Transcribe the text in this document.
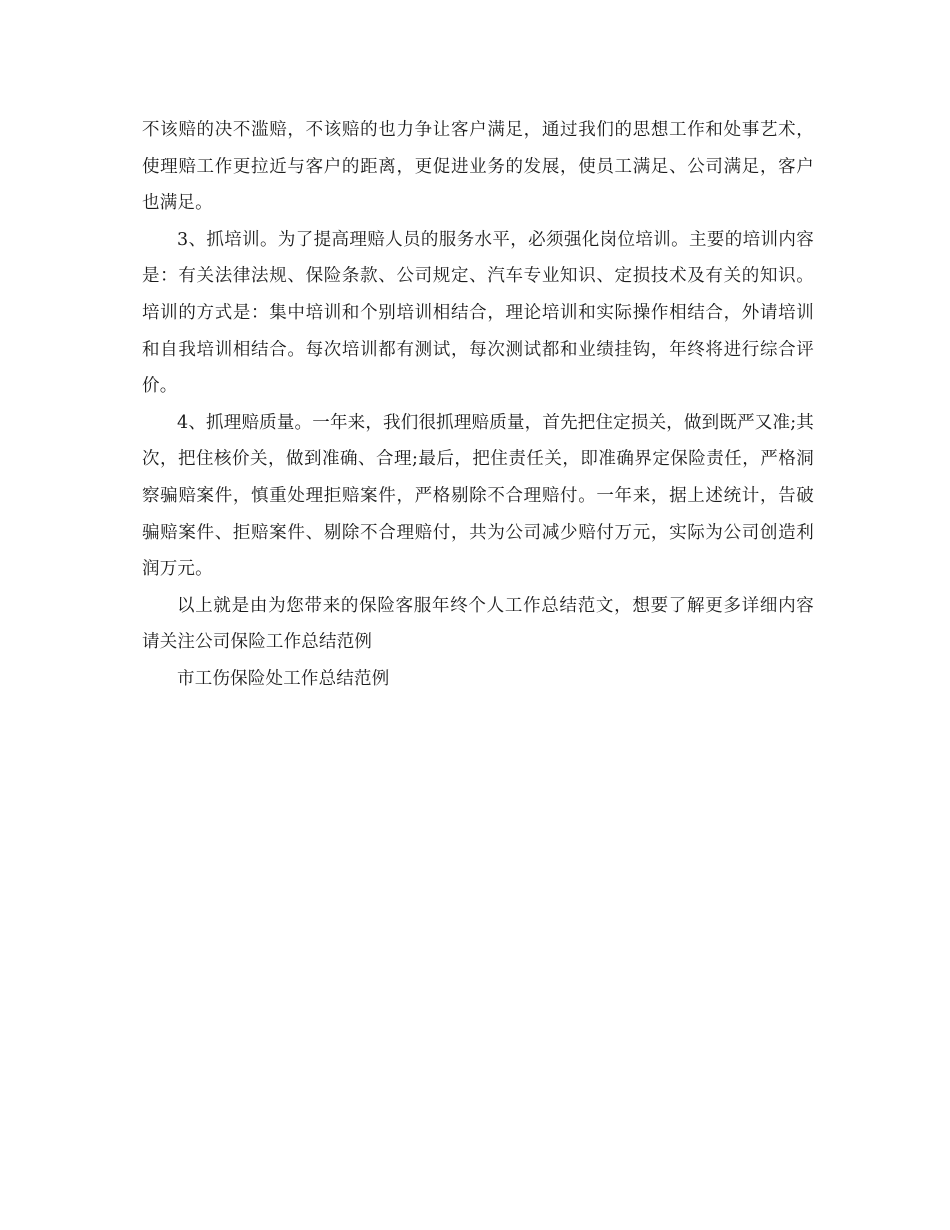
不该赔的决不滥赔，不该赔的也力争让客户满足，通过我们的思想工作和处事艺术，使理赔工作更拉近与客户的距离，更促进业务的发展，使员工满足、公司满足，客户也满足。

3、抓培训。为了提高理赔人员的服务水平，必须强化岗位培训。主要的培训内容是：有关法律法规、保险条款、公司规定、汽车专业知识、定损技术及有关的知识。培训的方式是：集中培训和个别培训相结合，理论培训和实际操作相结合，外请培训和自我培训相结合。每次培训都有测试，每次测试都和业绩挂钩，年终将进行综合评价。

4、抓理赔质量。一年来，我们很抓理赔质量，首先把住定损关，做到既严又准;其次，把住核价关，做到准确、合理;最后，把住责任关，即准确界定保险责任，严格洞察骗赔案件，慎重处理拒赔案件，严格剔除不合理赔付。一年来，据上述统计，告破骗赔案件、拒赔案件、剔除不合理赔付，共为公司减少赔付万元，实际为公司创造利润万元。

以上就是由为您带来的保险客服年终个人工作总结范文，想要了解更多详细内容请关注公司保险工作总结范例

市工伤保险处工作总结范例
